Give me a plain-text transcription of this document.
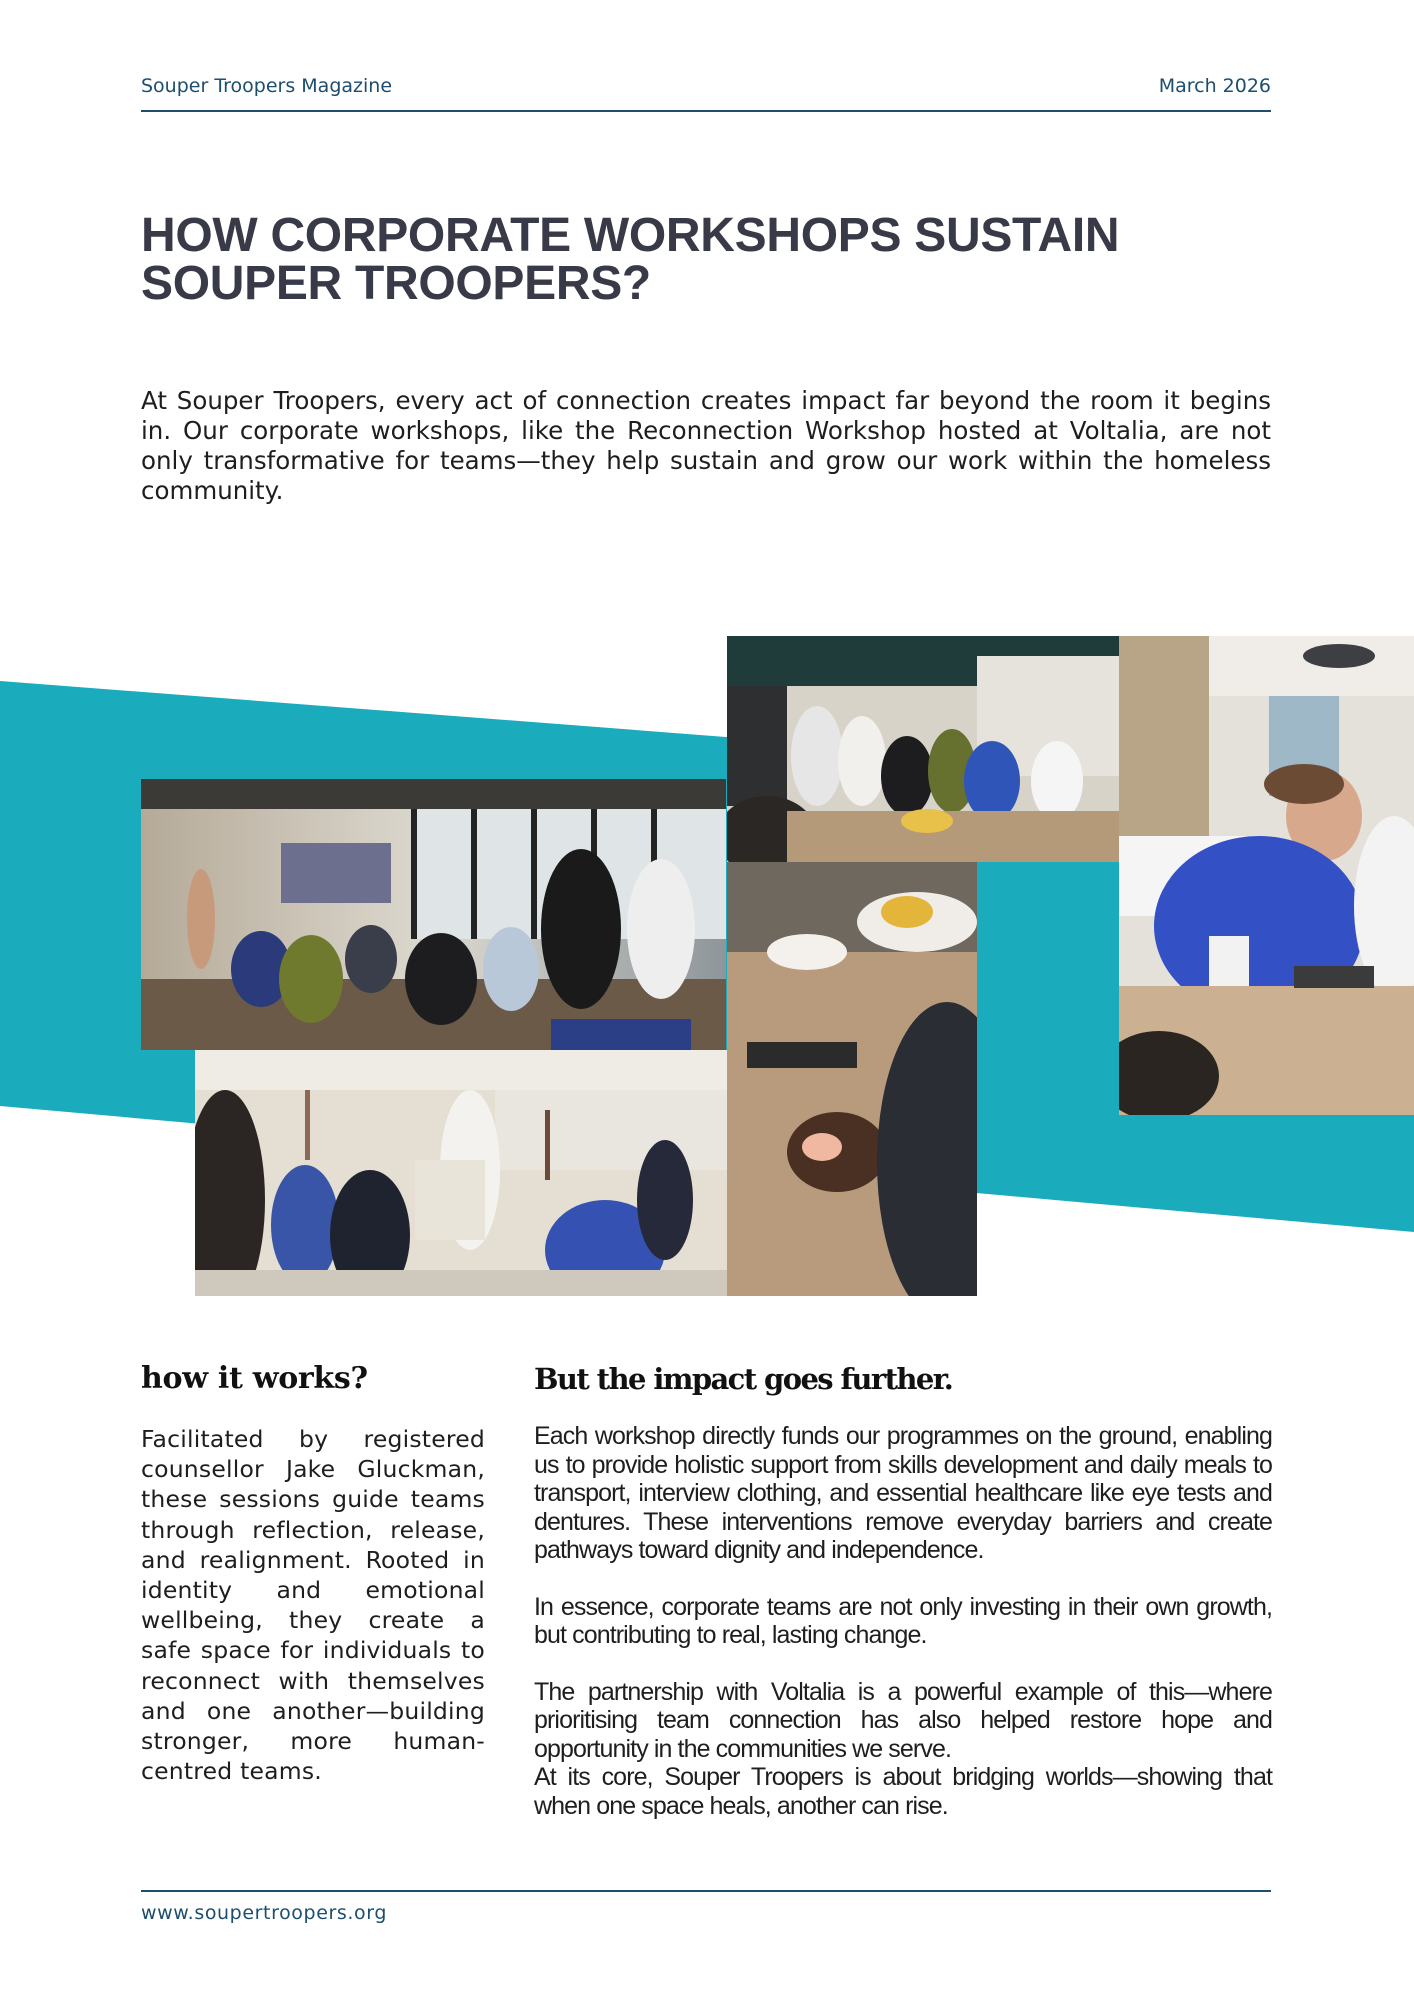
Souper Troopers Magazine	March 2026
HOW CORPORATE WORKSHOPS SUSTAIN
SOUPER TROOPERS?

At Souper Troopers, every act of connection creates impact far beyond the room it begins in. Our corporate workshops, like the Reconnection Workshop hosted at Voltalia, are not only transformative for teams—they help sustain and grow our work within the homeless community.

how it works?

Facilitated by registered counsellor Jake Gluckman, these sessions guide teams through reflection, release, and realignment. Rooted in identity and emotional wellbeing, they create a safe space for individuals to reconnect with themselves and one another—building stronger, more human-centred teams.

But the impact goes further.

Each workshop directly funds our programmes on the ground, enabling us to provide holistic support from skills development and daily meals to transport, interview clothing, and essential healthcare like eye tests and dentures. These interventions remove everyday barriers and create pathways toward dignity and independence.

In essence, corporate teams are not only investing in their own growth, but contributing to real, lasting change.

The partnership with Voltalia is a powerful example of this—where prioritising team connection has also helped restore hope and opportunity in the communities we serve.

At its core, Souper Troopers is about bridging worlds—showing that when one space heals, another can rise.

www.soupertroopers.org
